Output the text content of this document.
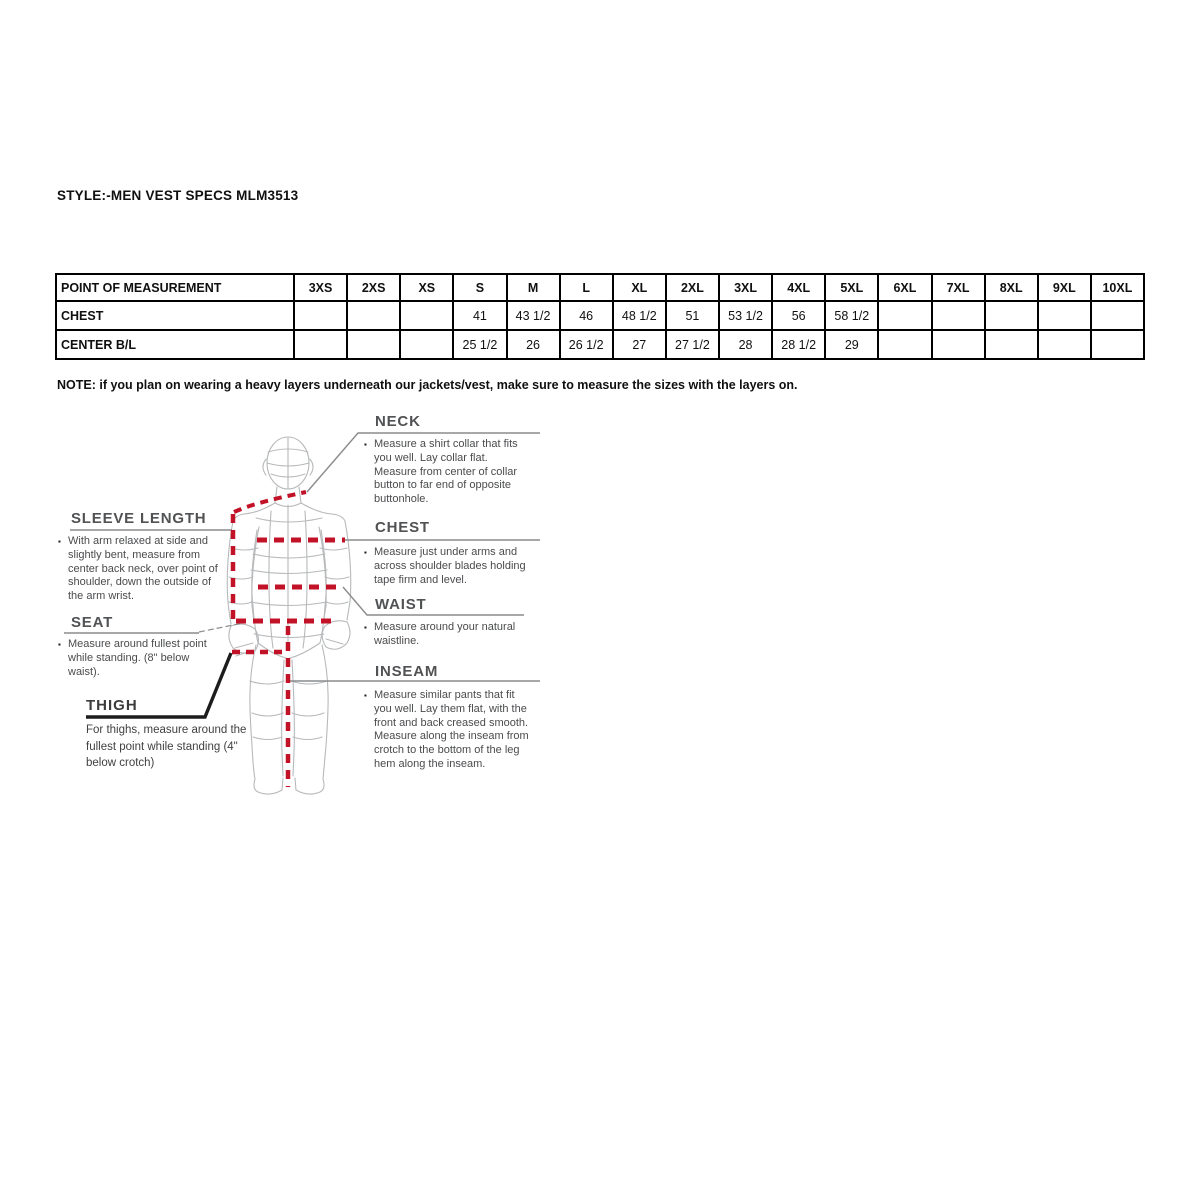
STYLE:-MEN VEST SPECS MLM3513
POINT OF MEASUREMENT	3XS	2XS	XS	S	M	L	XL	2XL	3XL	4XL	5XL	6XL	7XL	8XL	9XL	10XL
CHEST				41	43 1/2	46	48 1/2	51	53 1/2	56	58 1/2					
CENTER B/L				25 1/2	26	26 1/2	27	27 1/2	28	28 1/2	29					
NOTE: if you plan on wearing a heavy layers underneath our jackets/vest, make sure to measure the sizes with the layers on.
NECK
▪ Measure a shirt collar that fits you well. Lay collar flat. Measure from center of collar button to far end of opposite buttonhole.
SLEEVE LENGTH
▪ With arm relaxed at side and slightly bent, measure from center back neck, over point of shoulder, down the outside of the arm wrist.
SEAT
▪ Measure around fullest point while standing. (8" below waist).
THIGH
For thighs, measure around the fullest point while standing (4" below crotch)
CHEST
▪ Measure just under arms and across shoulder blades holding tape firm and level.
WAIST
▪ Measure around your natural waistline.
INSEAM
▪ Measure similar pants that fit you well. Lay them flat, with the front and back creased smooth. Measure along the inseam from crotch to the bottom of the leg hem along the inseam.
